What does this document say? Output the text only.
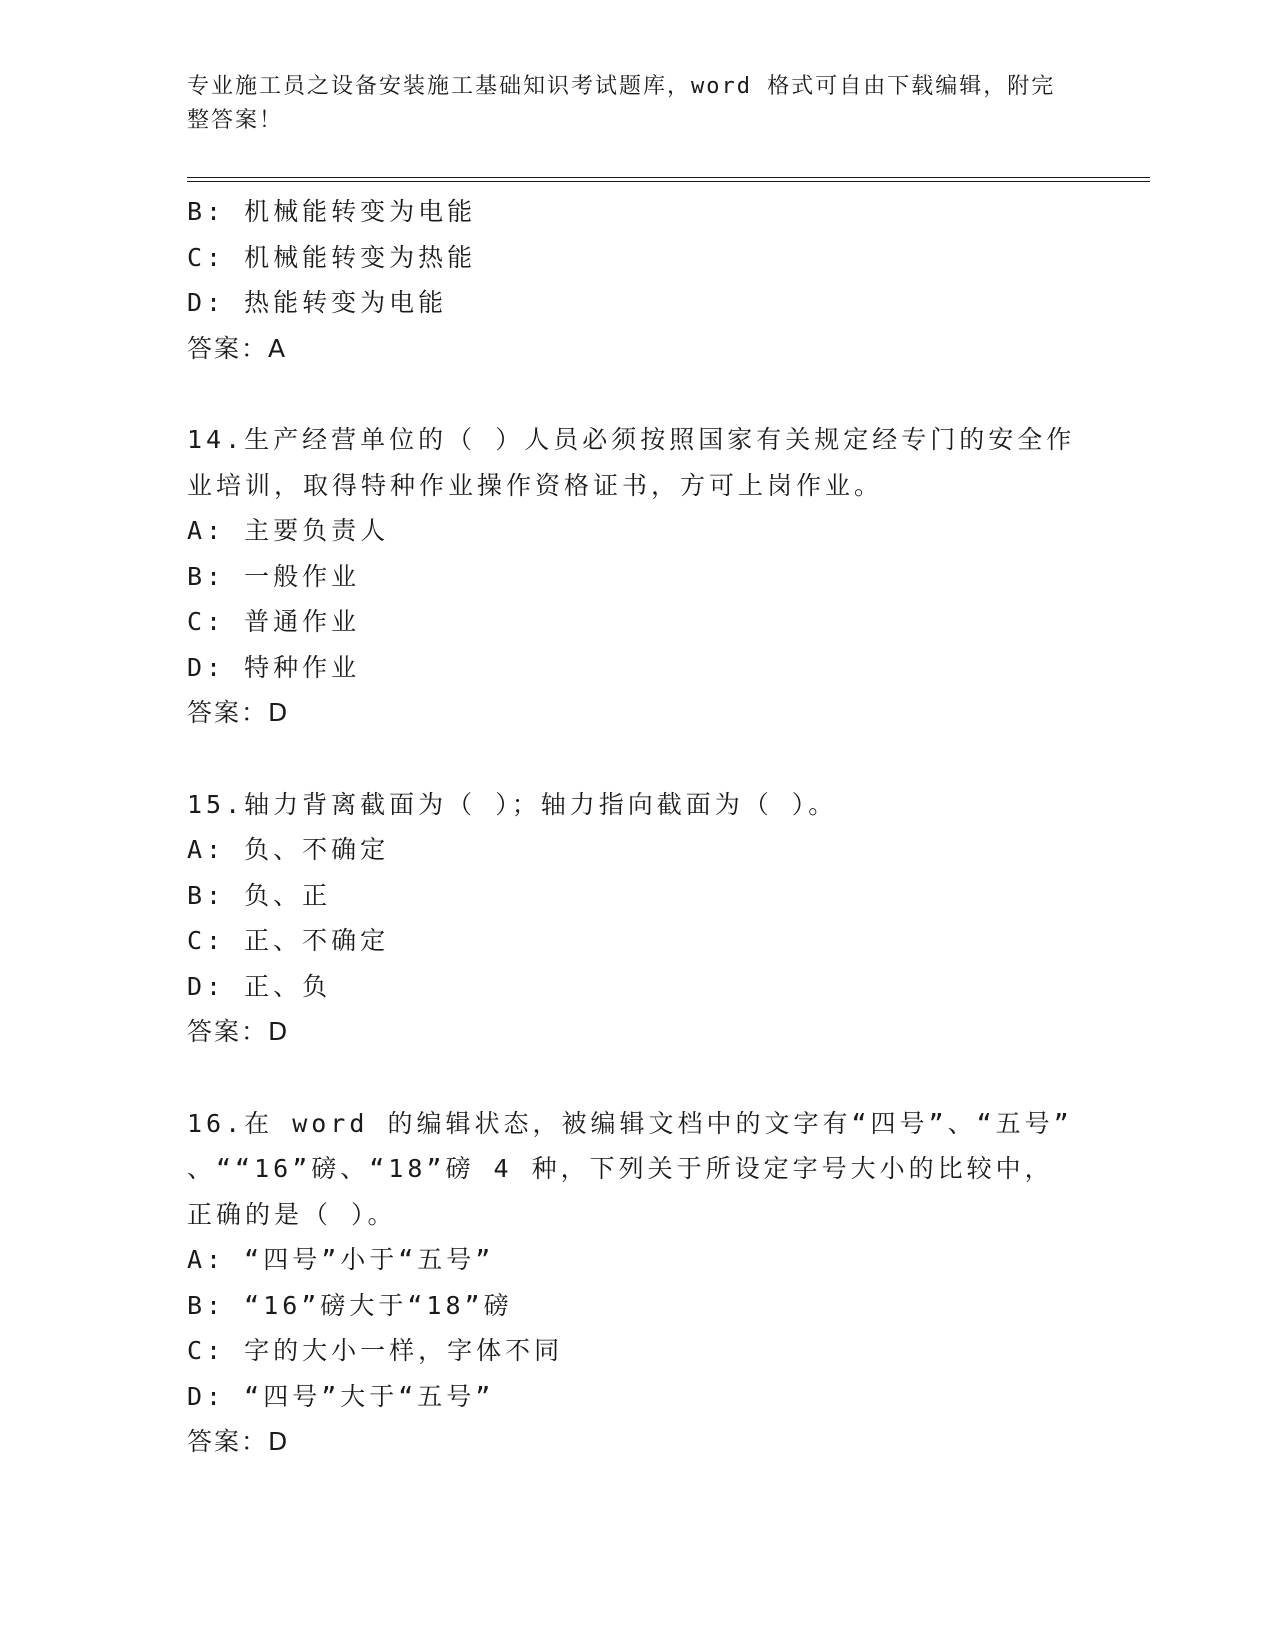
专业施工员之设备安装施工基础知识考试题库，word 格式可自由下载编辑，附完
整答案！
B: 机械能转变为电能
C: 机械能转变为热能
D: 热能转变为电能
答案：A
14.生产经营单位的（ ）人员必须按照国家有关规定经专门的安全作
业培训，取得特种作业操作资格证书，方可上岗作业。
A: 主要负责人
B: 一般作业
C: 普通作业
D: 特种作业
答案：D
15.轴力背离截面为（ ）；轴力指向截面为（ ）。
A: 负、不确定
B: 负、正
C: 正、不确定
D: 正、负
答案：D
16.在 word 的编辑状态，被编辑文档中的文字有“四号”、“五号”
、““16”磅、“18”磅 4 种，下列关于所设定字号大小的比较中，
正确的是（ ）。
A: “四号”小于“五号”
B: “16”磅大于“18”磅
C: 字的大小一样，字体不同
D: “四号”大于“五号”
答案：D
